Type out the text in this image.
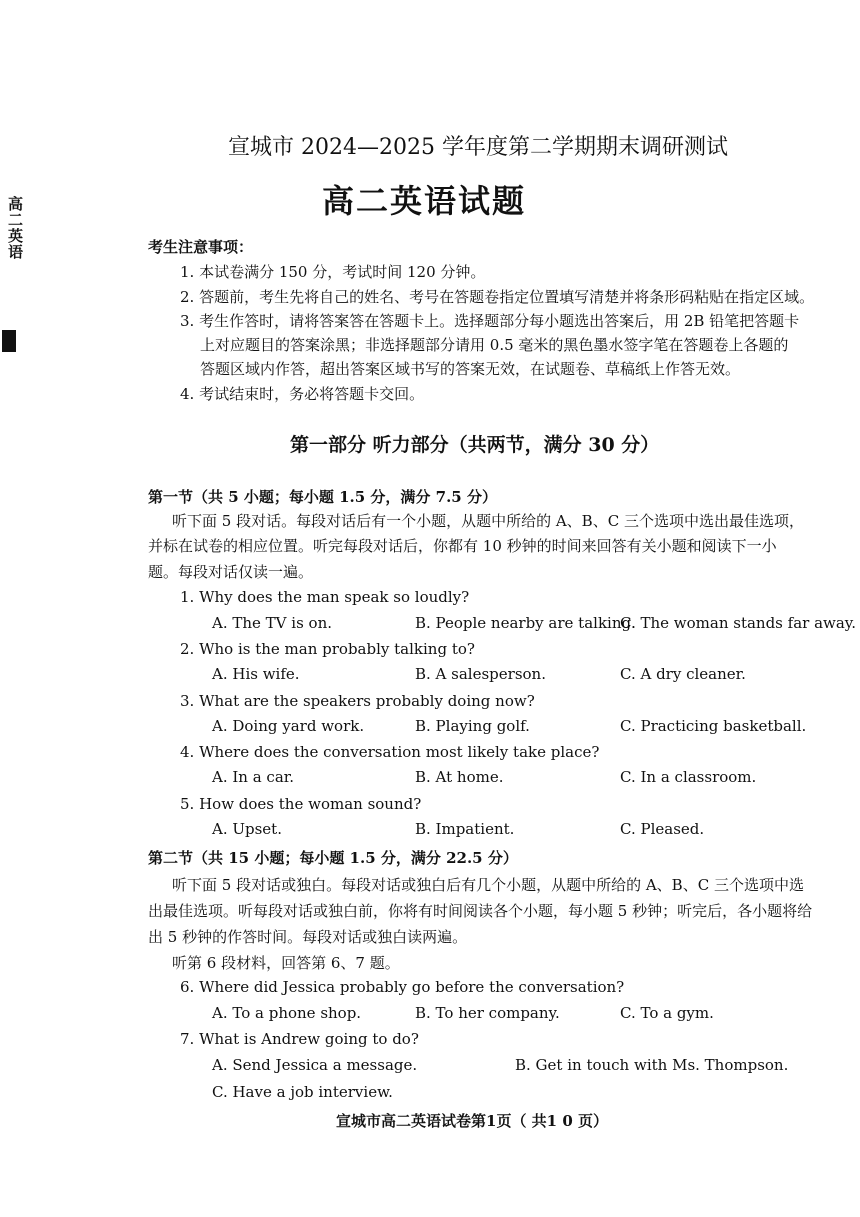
高二英语
宣城市 2024—2025 学年度第二学期期末调研测试
高二英语试题
考生注意事项：
1. 本试卷满分 150 分，考试时间 120 分钟。
2. 答题前，考生先将自己的姓名、考号在答题卷指定位置填写清楚并将条形码粘贴在指定区域。
3. 考生作答时，请将答案答在答题卡上。选择题部分每小题选出答案后，用 2B 铅笔把答题卡
上对应题目的答案涂黑；非选择题部分请用 0.5 毫米的黑色墨水签字笔在答题卷上各题的
答题区域内作答，超出答案区域书写的答案无效，在试题卷、草稿纸上作答无效。
4. 考试结束时，务必将答题卡交回。
第一部分 听力部分（共两节，满分 30 分）
第一节（共 5 小题；每小题 1.5 分，满分 7.5 分）
听下面 5 段对话。每段对话后有一个小题，从题中所给的 A、B、C 三个选项中选出最佳选项，
并标在试卷的相应位置。听完每段对话后，你都有 10 秒钟的时间来回答有关小题和阅读下一小
题。每段对话仅读一遍。
1. Why does the man speak so loudly?
A. The TV is on.	B. People nearby are talking.
C. The woman stands far away.
2. Who is the man probably talking to?
A. His wife.	B. A salesperson.	C. A dry cleaner.
3. What are the speakers probably doing now?
A. Doing yard work.	B. Playing golf.	C. Practicing basketball.
4. Where does the conversation most likely take place?
A. In a car.	B. At home.	C. In a classroom.
5. How does the woman sound?
A. Upset.	B. Impatient.	C. Pleased.
第二节（共 15 小题；每小题 1.5 分，满分 22.5 分）
听下面 5 段对话或独白。每段对话或独白后有几个小题，从题中所给的 A、B、C 三个选项中选
出最佳选项。听每段对话或独白前，你将有时间阅读各个小题，每小题 5 秒钟；听完后，各小题将给
出 5 秒钟的作答时间。每段对话或独白读两遍。
听第 6 段材料，回答第 6、7 题。
6. Where did Jessica probably go before the conversation?
A. To a phone shop.	B. To her company.	C. To a gym.
7. What is Andrew going to do?
A. Send Jessica a message.	B. Get in touch with Ms. Thompson.
C. Have a job interview.
宣城市高二英语试卷第1页（ 共1 0 页）
